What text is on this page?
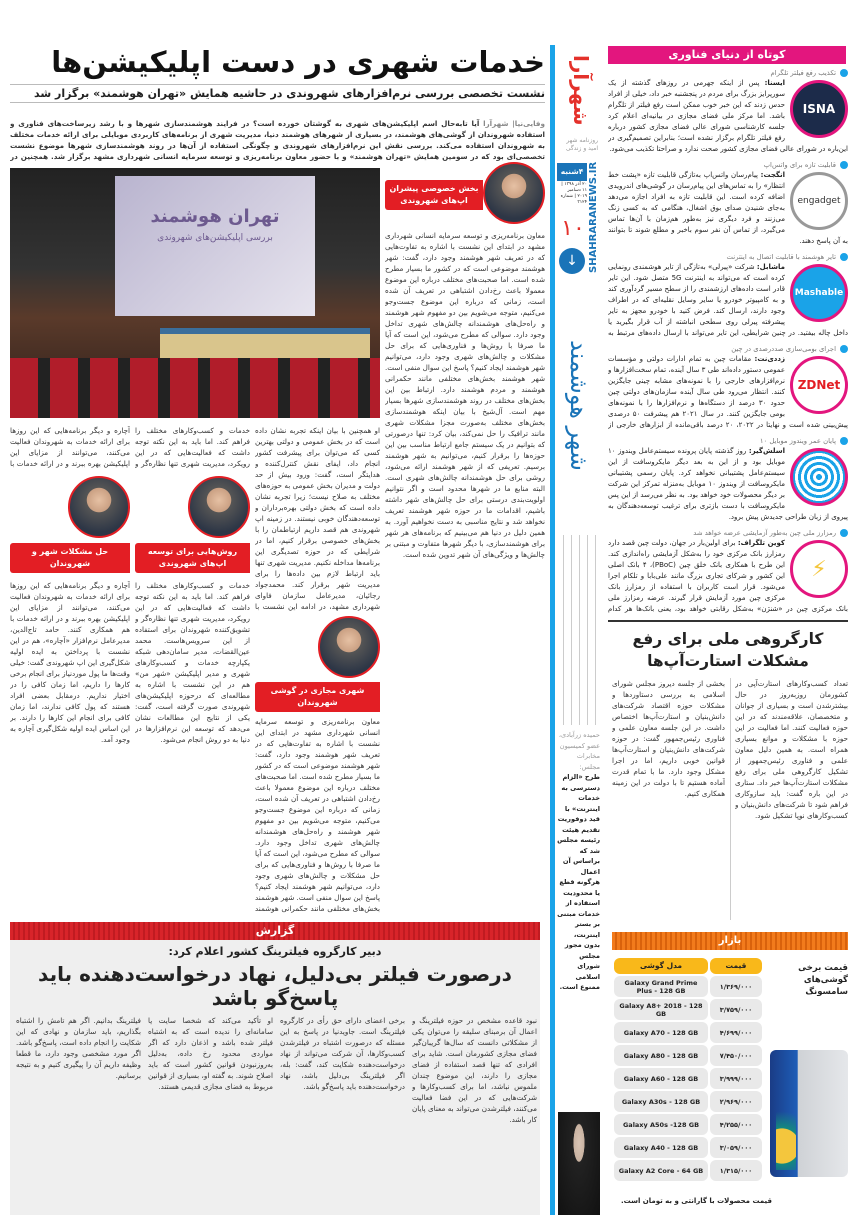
خدمات شهری در دست اپلیکیشن‌ها
نشست تخصصی بررسی نرم‌افزارهای شهروندی در حاشیه همایش «تهران هوشمند» برگزار شد
وفایی‌نیا| شهرآرا آیا تابه‌حال اسم اپلیکیشن‌های شهری به گوشتان خورده است؟ در فرایند هوشمندسازی شهرها و با رشد زیرساخت‌های فناوری و استفاده شهروندان از گوشی‌های هوشمند، در بسیاری از شهرهای هوشمند دنیا، مدیریت شهری از برنامه‌های کاربردی موبایلی برای ارائه خدمات مختلف به شهروندان استفاده می‌کند. بررسی نقش این نرم‌افزارهای شهروندی و چگونگی استفاده از آن‌ها در روند هوشمندسازی شهرها موضوع نشست تخصصی‌ای بود که در سومین همایش «تهران هوشمند» و با حضور معاون برنامه‌ریزی و توسعه سرمایه انسانی شهرداری مشهد برگزار شد. همچنین در
تهران هوشمند
بررسی اپلیکیشن‌های شهروندی
بخش خصوصی پیشران اپ‌های شهروندی
معاون برنامه‌ریزی و توسعه سرمایه انسانی شهرداری مشهد در ابتدای این نشست با اشاره به تفاوت‌هایی که در تعریف شهر هوشمند وجود دارد، گفت: شهر هوشمند موضوعی است که در کشور ما بسیار مطرح شده است. اما صحبت‌های مختلف درباره این موضوع معمولا باعث رخ‌دادن اشتباهی در تعریف آن شده است، زمانی که درباره این موضوع جست‌وجو می‌کنیم، متوجه می‌شویم بین دو مفهوم شهر هوشمند و راه‌حل‌های هوشمندانه چالش‌های شهری تداخل وجود دارد. سوالی که مطرح می‌شود، این است که آیا ما صرفا با روش‌ها و فناوری‌هایی که برای حل مشکلات و چالش‌های شهری وجود دارد، می‌توانیم شهر هوشمند ایجاد کنیم؟ پاسخ این سوال منفی است. شهر هوشمند بخش‌های مختلفی مانند حکمرانی هوشمند و مردم هوشمند دارد. ارتباط بین این بخش‌های مختلف در روند هوشمندسازی شهرها بسیار مهم است. آل‌شیخ با بیان اینکه هوشمندسازی بخش‌های مختلف به‌صورت مجزا مشکلات شهری مانند ترافیک را حل نمی‌کند، بیان کرد: تنها درصورتی که بتوانیم در یک سیستم جامع ارتباط مناسب بین این حوزه‌ها را برقرار کنیم، می‌توانیم به شهر هوشمند برسیم. تعریفی که از شهر هوشمند ارائه می‌شود، روشی برای حل هوشمندانه چالش‌های شهری است. البته منابع ما در شهرها محدود است و اگر نتوانیم اولویت‌بندی درستی برای حل چالش‌های شهر داشته باشیم، اقدامات ما در حوزه شهر هوشمند تعریف نخواهد شد و نتایج مناسبی به دست نخواهیم آورد. به همین دلیل در دنیا هم می‌بینیم که برنامه‌های هر شهر برای هوشمندسازی، با دیگر شهرها متفاوت و مبتنی بر چالش‌ها و ویژگی‌های آن شهر تدوین شده است.
او همچنین با بیان اینکه تجربه نشان داده است که در بخش عمومی و دولتی بهترین کسی که می‌توان برای پیشرفت کشور انجام داد، ایفای نقش کنترل‌کننده و هدایتگر است، گفت: ورود بیش از حد دولت و مدیران بخش عمومی به حوزه‌های مختلف به صلاح نیست؛ زیرا تجربه نشان داده است که بخش دولتی بهره‌برداران و توسعه‌دهندگان خوبی نیستند. در زمینه اپ شهروندی هم قصد داریم ارتباطمان را با بخش‌های خصوصی برقرار کنیم، اما در شرایطی که در حوزه تصدیگری این برنامه‌ها مداخله نکنیم. مدیریت شهری تنها باید ارتباط لازم بین داده‌ها را برای مدیریت شهر برقرار کند. محمدجواد رجائیان، مدیرعامل سازمان فاوای شهرداری مشهد، در ادامه این نشست با
شهری مجازی در گوشی شهروندان
معاون برنامه‌ریزی و توسعه سرمایه انسانی شهرداری مشهد در ابتدای این نشست با اشاره به تفاوت‌هایی که در تعریف شهر هوشمند وجود دارد، گفت: شهر هوشمند موضوعی است که در کشور ما بسیار مطرح شده است. اما صحبت‌های مختلف درباره این موضوع معمولا باعث رخ‌دادن اشتباهی در تعریف آن شده است، زمانی که درباره این موضوع جست‌وجو می‌کنیم، متوجه می‌شویم بین دو مفهوم شهر هوشمند و راه‌حل‌های هوشمندانه چالش‌های شهری تداخل وجود دارد. سوالی که مطرح می‌شود، این است که آیا ما صرفا با روش‌ها و فناوری‌هایی که برای حل مشکلات و چالش‌های شهری وجود دارد، می‌توانیم شهر هوشمند ایجاد کنیم؟ پاسخ این سوال منفی است. شهر هوشمند بخش‌های مختلفی مانند حکمرانی هوشمند
خدمات و کسب‌وکارهای مختلف را فراهم کند. اما باید به این نکته توجه داشت که فعالیت‌هایی که در این رویکرد، مدیریت شهری تنها نظاره‌گر و
روش‌هایی برای توسعه اپ‌های شهروندی
خدمات و کسب‌وکارهای مختلف را فراهم کند. اما باید به این نکته توجه داشت که فعالیت‌هایی که در این رویکرد، مدیریت شهری تنها نظاره‌گر و تشویق‌کننده شهروندان برای استفاده از این سرویس‌هاست. محمد عین‌القضات، مدیر سامان‌دهی شبکه یکپارچه خدمات و کسب‌وکارهای شهری و مدیر اپلیکیشن «شهر من» هم در این نشست با اشاره به مطالعه‌ای که درحوزه اپلیکیشن‌های شهروندی صورت گرفته است، گفت: یکی از نتایج این مطالعات نشان می‌دهد که توسعه این نرم‌افزارها در دنیا به دو روش انجام می‌شود.
آچاره و دیگر برنامه‌هایی که این روزها برای ارائه خدمات به شهروندان فعالیت می‌کنند، می‌توانند از مزایای این اپلیکیشن بهره ببرند و در ارائه خدمات با
حل مشکلات شهر و شهروندان
آچاره و دیگر برنامه‌هایی که این روزها برای ارائه خدمات به شهروندان فعالیت می‌کنند، می‌توانند از مزایای این اپلیکیشن بهره ببرند و در ارائه خدمات با هم همکاری کنند. حامد تاج‌الدین، مدیرعامل نرم‌افزار «آچاره»، هم در این نشست با پرداختن به ایده اولیه شکل‌گیری این اپ شهروندی گفت: خیلی وقت‌ها ما پول موردنیاز برای انجام برخی کارها را داریم، اما زمان کافی را در اختیار نداریم. درمقابل بعضی افراد هستند که پول کافی ندارند، اما زمان کافی برای انجام این کارها را دارند. بر این اساس ایده اولیه شکل‌گیری آچاره به وجود آمد.
گزارش
دبیر کارگروه فیلترینگ کشور اعلام کرد:
درصورت فیلتر بی‌دلیل، نهاد درخواست‌دهنده باید پاسخ‌گو باشد
نبود قاعده مشخص در حوزه فیلترینگ و اعمال آن برمبنای سلیقه را می‌توان یکی از مشکلاتی دانست که سال‌ها گریبان‌گیر فضای مجازی کشورمان است. شاید برای افرادی که تنها قصد استفاده از فضای مجازی را دارند، این موضوع چندان ملموس نباشد، اما برای کسب‌وکارها و شرکت‌هایی که در این فضا فعالیت می‌کنند، فیلترشدن می‌تواند به معنای پایان کار باشد.
برخی اعضای دارای حق رأی در کارگروه فیلترینگ است. جاویدنیا در پاسخ به این مسئله که درصورت اشتباه در فیلترشدن کسب‌وکارها، آن شرکت می‌تواند از نهاد درخواست‌دهنده شکایت کند، گفت: بله، اگر فیلترینگ بی‌دلیل باشد، نهاد درخواست‌دهنده باید پاسخ‌گو باشد.
او تأکید می‌کند که شخصا سایت یا سامانه‌ای را ندیده است که به اشتباه فیلتر شده باشد و اذعان دارد که اگر مواردی محدود رخ داده، به‌دلیل به‌روزنبودن قوانین کشور است که باید اصلاح شوند. به گفته او، بسیاری از قوانین مربوط به فضای مجازی قدیمی هستند.
فیلترینگ بدانیم. اگر هم تامش را اشتباه بگذاریم، باید سازمان و نهادی که این شکایت را انجام داده است، پاسخ‌گو باشد. اگر مورد مشخصی وجود دارد، ما قطعا وظیفه داریم آن را پیگیری کنیم و به نتیجه برسانیم.
شهرآرا
روزنامه شهر امید و زندگی
۴شنبه
۲۰ آذر ۱۳۹۸ | ۱۱ دسامبر ۲۰۱۹ | شماره ۳۱۲۴ SHAHRARANEWS.IR
۱۰
↓
شهر هوشمند
حمیده زرآبادی، عضو کمیسیون مخابرات مجلس:
طرح «الزام دسترسی به خدمات اینترنت» با قید دوفوریت تقدیم هیئت رئیسه مجلس شد که براساس آن اعمال هرگونه قطع یا محدودیت استفاده از خدمات مبتنی بر بستر اینترنت، بدون مجوز مجلس شورای اسلامی ممنوع است.
کوتاه از دنیای فناوری
تکذیب رفع فیلتر تلگرام
ISNA
ایسنا: پس از اینکه جهرمی در روزهای گذشته از یک سورپرایز بزرگ برای مردم در پنجشنبه خبر داد، خیلی از افراد حدس زدند که این خبر خوب ممکن است رفع فیلتر از تلگرام باشد. اما مرکز ملی فضای مجازی در بیانیه‌ای اعلام کرد جلسه کارشناسی شورای عالی فضای مجازی کشور درباره رفع فیلتر تلگرام برگزار نشده است؛ بنابراین تصمیم‌گیری در این‌باره در شورای عالی فضای مجازی کشور صحت ندارد و صراحتا تکذیب می‌شود.
قابلیت تازه برای واتس‌اپ
engadget
انگجت: پیام‌رسان واتس‌اپ به‌تازگی قابلیت تازه «پشت خط انتظار» را به تماس‌های این پیام‌رسان در گوشی‌های اندرویدی اضافه کرده است. این قابلیت تازه به افراد اجازه می‌دهد به‌جای شنیدن صدای بوق اشغال، هنگامی که به کسی زنگ می‌زنند و فرد دیگری نیز به‌طور هم‌زمان با آن‌ها تماس می‌گیرد، از تماس آن نفر سوم باخبر و مطلع شوند تا بتوانند به آن پاسخ دهند.
تایر هوشمند با قابلیت اتصال به اینترنت
Mashable
ماشابل: شرکت «پیرلی» به‌تازگی از تایر هوشمندی رونمایی کرده است که می‌تواند به اینترنت 5G متصل شود. این تایر قادر است داده‌های ارزشمندی را از سطح مسیر گردآوری کند و به کامپیوتر خودرو یا سایر وسایل نقلیه‌ای که در اطراف وجود دارند، ارسال کند. فرض کنید با خودرو مجهز به تایر پیشرفته پیرلی روی سطحی انباشته از آب قرار بگیرید یا داخل چاله بیفتید. در چنین شرایطی، این تایر می‌تواند با ارسال داده‌های مرتبط به
اجرای بومی‌سازی صددرصدی در چین
ZDNet
زددی‌نت: مقامات چین به تمام ادارات دولتی و مؤسسات عمومی دستور داده‌اند طی ۳ سال آینده، تمام سخت‌افزارها و نرم‌افزارهای خارجی را با نمونه‌های مشابه چینی جایگزین کنند. انتظار می‌رود طی سال آینده سازمان‌های دولتی چین حدود ۳۰ درصد از دستگاه‌ها و نرم‌افزارها را با نمونه‌های بومی جایگزین کنند. در سال ۲۰۲۱ هم پیشرفت ۵۰ درصدی پیش‌بینی شده است و نهایتا در ۲۰۲۲، ۲۰ درصد باقی‌مانده از ابزارهای خارجی از
پایان عمر ویندوز موبایل ۱۰
اسلش‌گیر: روز گذشته پایان پرونده سیستم‌عامل ویندوز ۱۰ موبایل بود و از این به بعد دیگر مایکروسافت از این سیستم‌عامل پشتیبانی نخواهد کرد. پایان رسمی پشتیبانی مایکروسافت از ویندوز ۱۰ موبایل به‌منزله تمرکز این شرکت بر دیگر محصولات خود خواهد بود. به نظر می‌رسد از این پس مایکروسافت با دست بازتری برای ترغیب توسعه‌دهندگان به پیروی از زبان طراحی جدیدش پیش برود.
رمزارز ملی چین به‌طور آزمایشی عرضه خواهد شد
⚡
کوین تلگراف: برای اولین‌بار در جهان، دولت چین قصد دارد رمزارز بانک مرکزی خود را به‌شکل آزمایشی راه‌اندازی کند. این طرح با همکاری بانک خلق چین (PBoC)، ۴ بانک اصلی این کشور و شرکای تجاری بزرگ مانند علی‌بابا و تلکام اجرا می‌شود. قرار است کاربران با استفاده از رمزارز بانک مرکزی چین مورد آزمایش قرار گیرند. عرضه رمزارز ملی بانک مرکزی چین در «شنژن» به‌شکل رقابتی خواهد بود، یعنی بانک‌ها هر کدام
کارگروهی ملی برای رفع مشکلات استارت‌آپ‌ها
تعداد کسب‌وکارهای استارت‌آپی در کشورمان روزبه‌روز در حال بیشترشدن است و بسیاری از جوانان و متخصصان، علاقه‌مندند که در این حوزه فعالیت کنند. اما فعالیت در این حوزه با مشکلات و موانع بسیاری همراه است. به همین دلیل معاون علمی و فناوری رئیس‌جمهور از تشکیل کارگروهی ملی برای رفع مشکلات استارت‌آپ‌ها خبر داد. ستاری در این باره گفت: باید سازوکاری فراهم شود تا شرکت‌های دانش‌بنیان و کسب‌وکارهای نوپا تشکیل شود.
بخشی از جلسه دیروز مجلس شورای اسلامی به بررسی دستاوردها و مشکلات حوزه اقتصاد شرکت‌های دانش‌بنیان و استارت‌آپ‌ها اختصاص داشت. در این جلسه معاون علمی و فناوری رئیس‌جمهور گفت: در حوزه شرکت‌های دانش‌بنیان و استارت‌آپ‌ها قوانین خوبی داریم، اما در اجرا مشکل وجود دارد. ما با تمام قدرت آماده هستیم تا با دولت در این زمینه همکاری کنیم.
بازار
قیمت برخی گوشی‌های سامسونگ
قیمت	مدل گوشی
۱/۳۶۹/۰۰۰	Galaxy Grand Prime Plus - 128 GB
۳/۷۵۹/۰۰۰	Galaxy A8+ 2018 - 128 GB
۴/۶۹۹/۰۰۰	Galaxy A70 - 128 GB
۷/۴۵۰/۰۰۰	Galaxy A80 - 128 GB
۳/۹۹۹/۰۰۰	Galaxy A60 - 128 GB
۲/۹۶۹/۰۰۰	Galaxy A30s - 128 GB
۴/۲۵۵/۰۰۰	Galaxy A50s -128 GB
۳/۰۵۹/۰۰۰	Galaxy A40 - 128 GB
۱/۳۱۵/۰۰۰	Galaxy A2 Core - 64 GB
قیمت محصولات با گارانتی و به تومان است.
